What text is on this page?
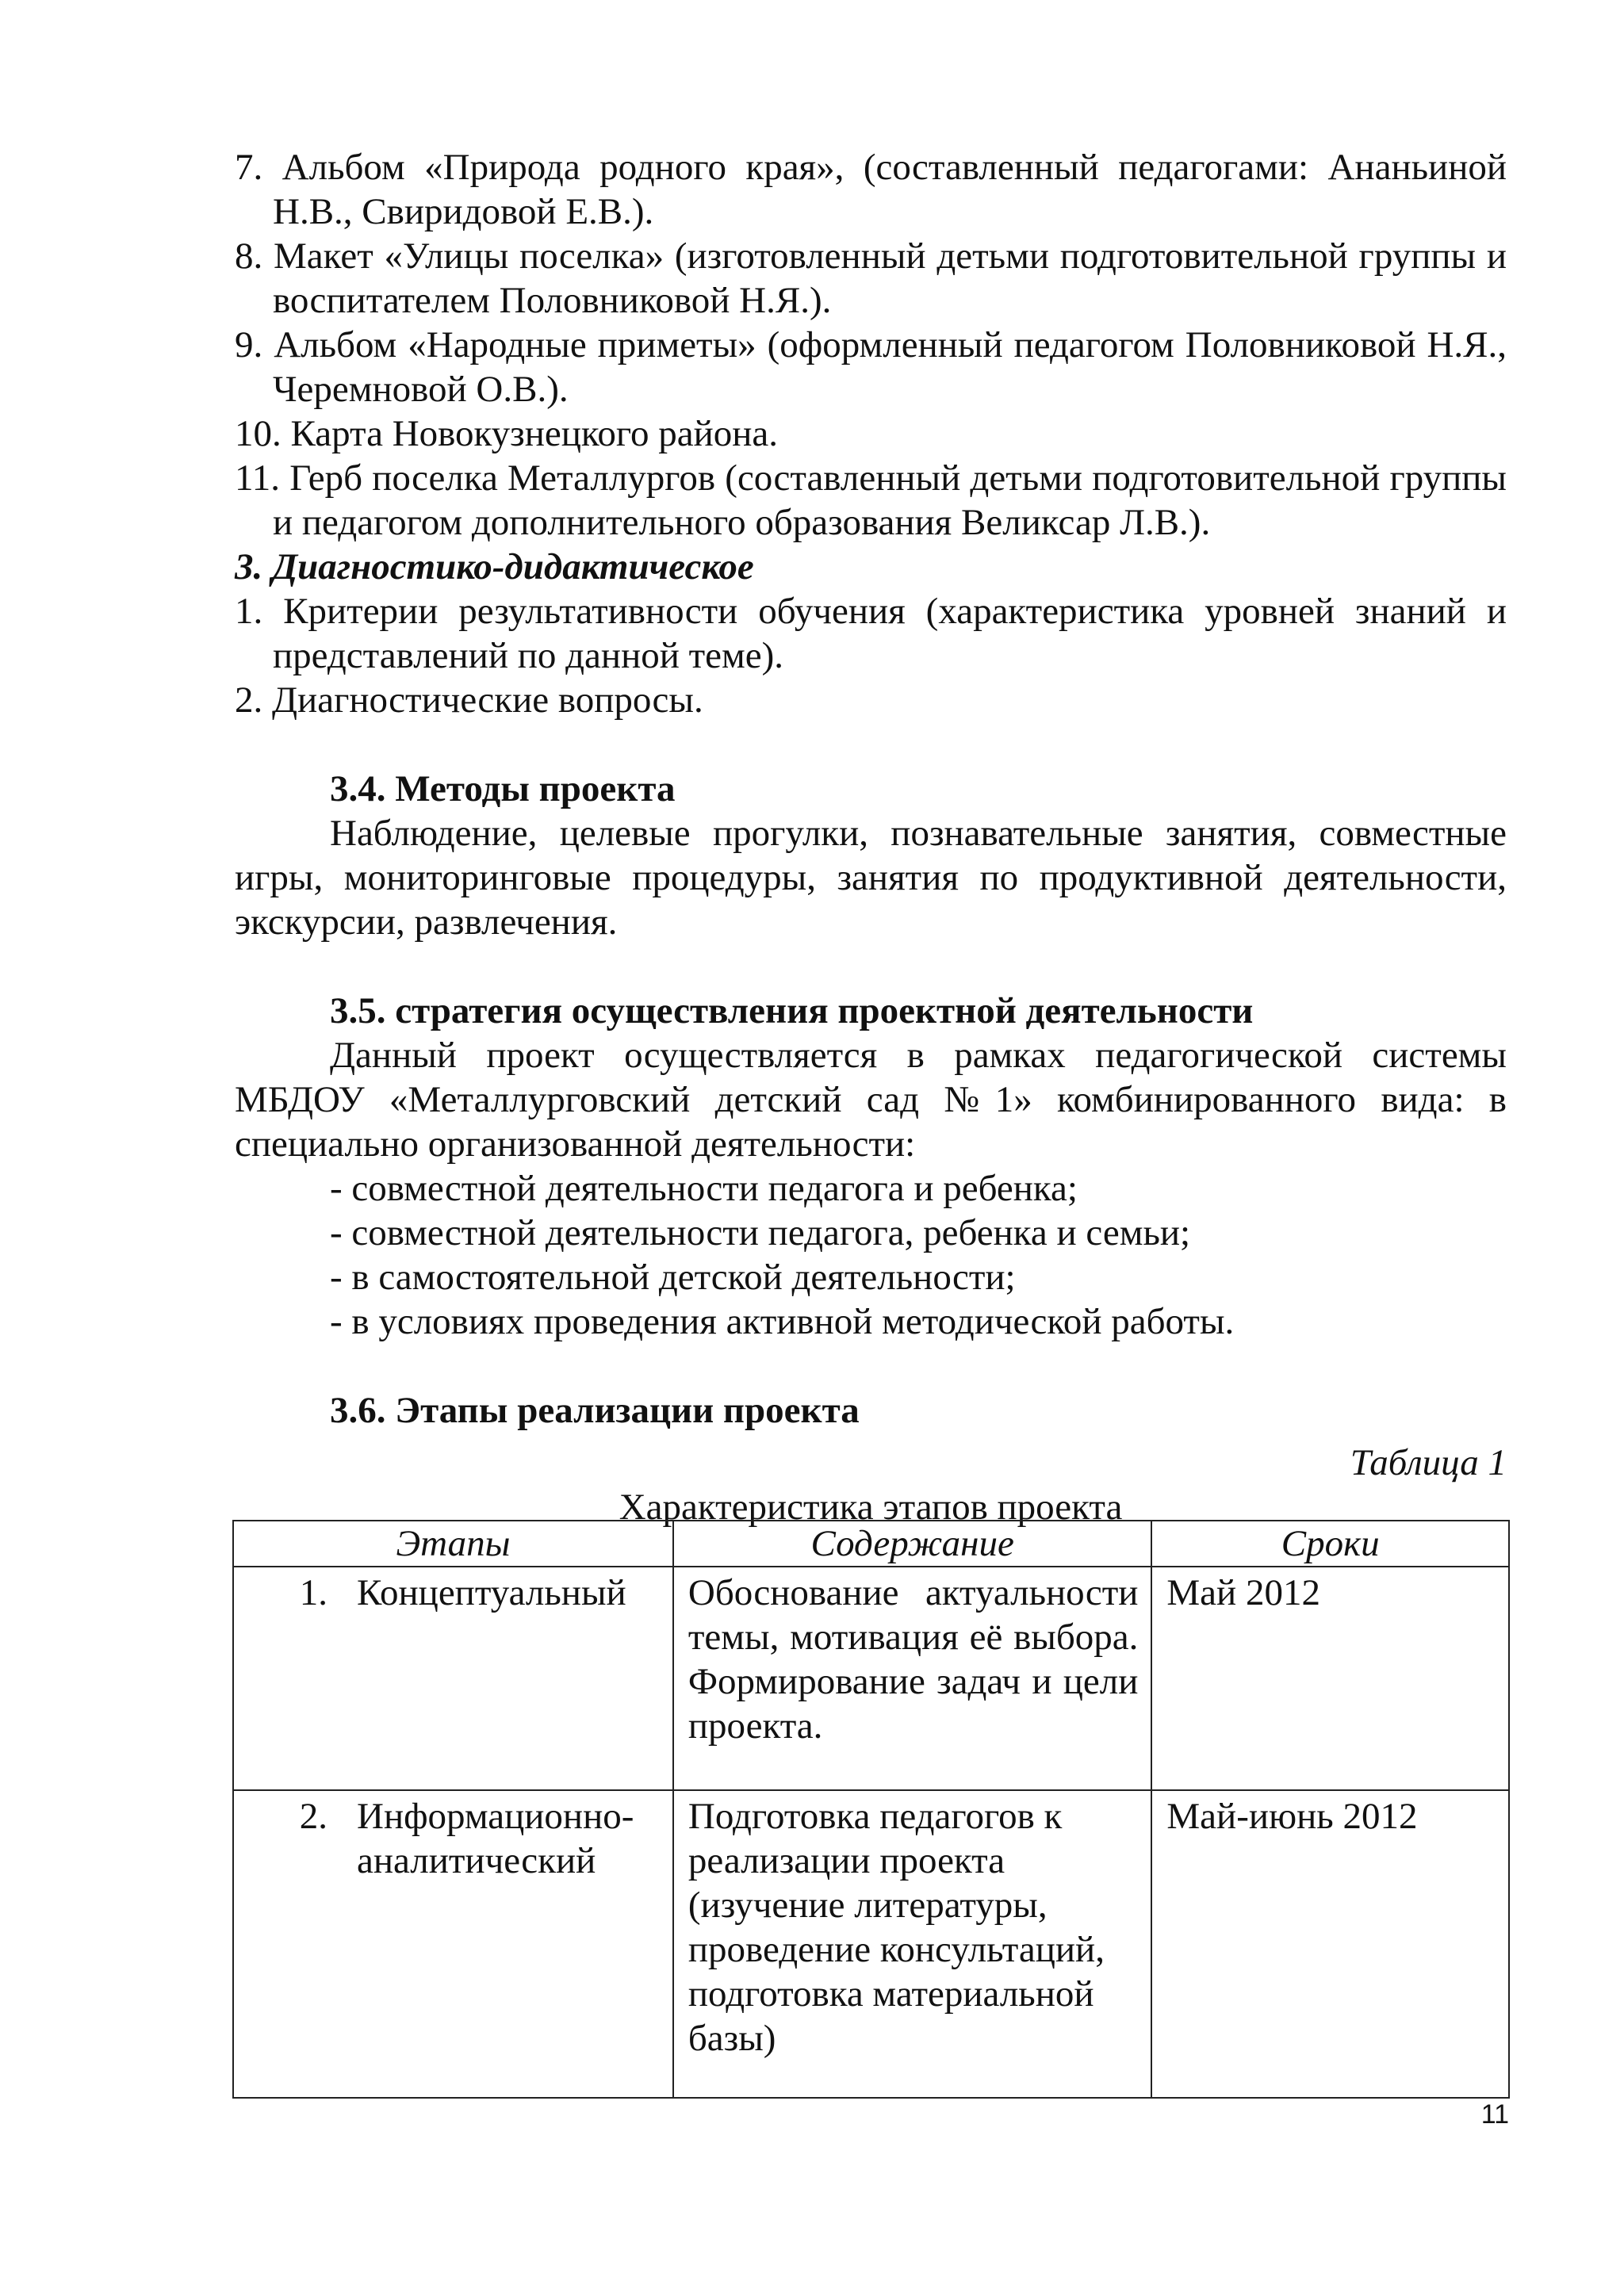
7. Альбом «Природа родного края», (составленный педагогами: Ананьиной Н.В., Свиридовой Е.В.).
8. Макет «Улицы поселка» (изготовленный детьми подготовительной группы и воспитателем Половниковой Н.Я.).
9. Альбом «Народные приметы» (оформленный педагогом Половниковой Н.Я., Черемновой О.В.).
10. Карта Новокузнецкого района.
11. Герб поселка Металлургов (составленный детьми подготовительной группы и педагогом дополнительного образования Великсар Л.В.).
3. Диагностико-дидактическое
1. Критерии результативности обучения (характеристика уровней знаний и представлений по данной теме).
2. Диагностические вопросы.
3.4. Методы проекта
Наблюдение, целевые прогулки, познавательные занятия, совместные игры, мониторинговые процедуры, занятия по продуктивной деятельности, экскурсии, развлечения.
3.5. стратегия осуществления проектной деятельности
Данный проект осуществляется в рамках педагогической системы МБДОУ «Металлурговский детский сад №1» комбинированного вида: в специально организованной деятельности:
- совместной деятельности педагога и ребенка;
- совместной деятельности педагога, ребенка и семьи;
- в самостоятельной детской деятельности;
- в условиях проведения активной методической работы.
3.6. Этапы реализации проекта
Таблица 1
Характеристика этапов проекта
Этапы	Содержание	Сроки

1. Концептуальный	Обоснование актуальности темы, мотивация её выбора. Формирование задач и цели проекта.	Май 2012

2. Информационно-аналитический	Подготовка педагогов к реализации проекта (изучение литературы, проведение консультаций, подготовка материальной базы)	Май-июнь 2012
11
